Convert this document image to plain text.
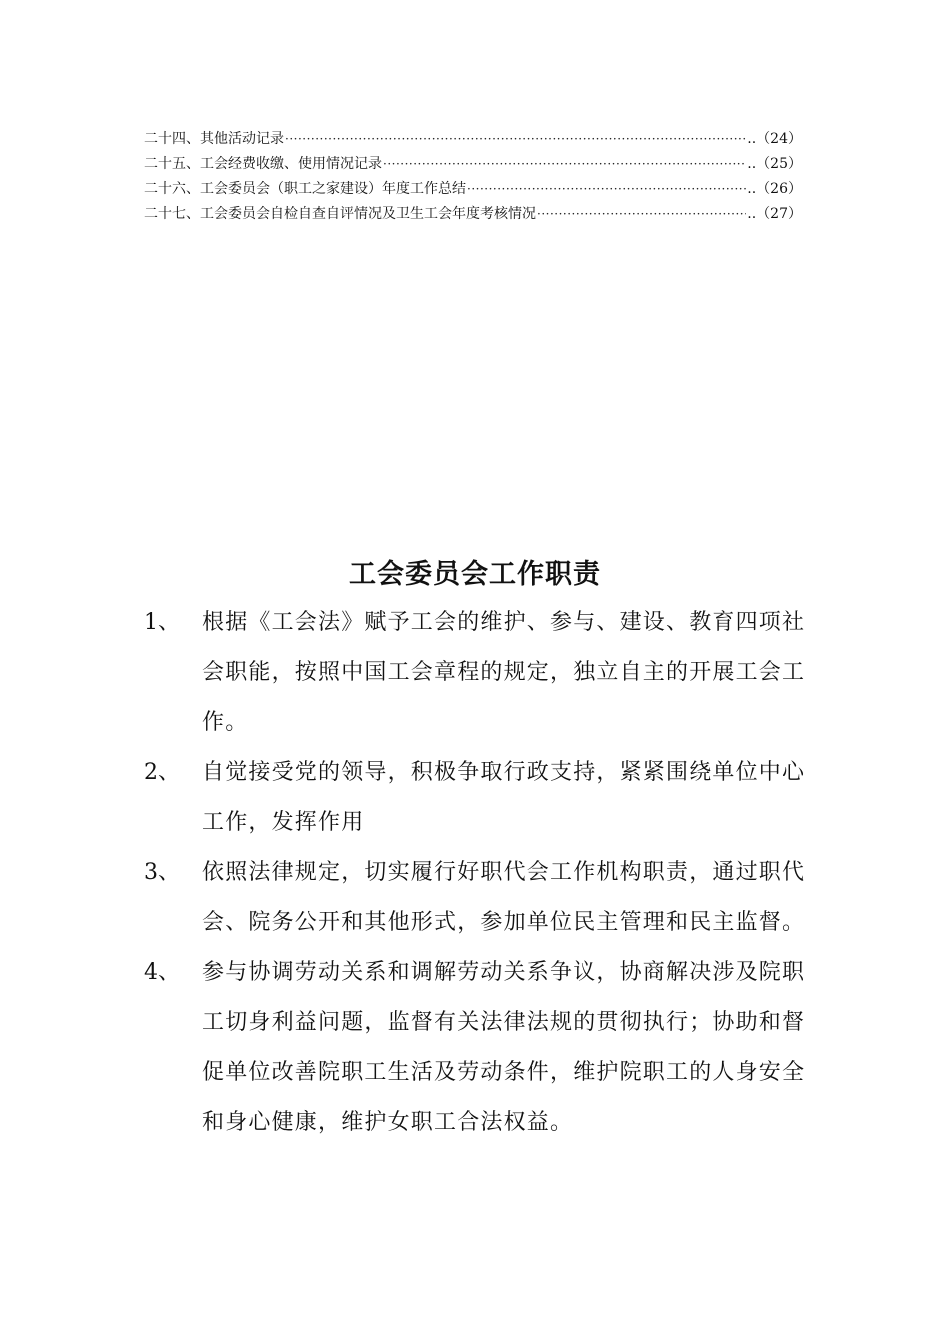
二十四、其他活动记录 ·····	..（24）
二十五、工会经费收缴、使用情况记录 ·····	..（25）
二十六、工会委员会（职工之家建设）年度工作总结 ·····	..（26）
二十七、工会委员会自检自查自评情况及卫生工会年度考核情况 ·····	..（27）
工会委员会工作职责
1、	根据《工会法》赋予工会的维护、参与、建设、教育四项社会职能，按照中国工会章程的规定，独立自主的开展工会工作。
2、	自觉接受党的领导，积极争取行政支持，紧紧围绕单位中心工作，发挥作用
3、	依照法律规定，切实履行好职代会工作机构职责，通过职代会、院务公开和其他形式，参加单位民主管理和民主监督。
4、	参与协调劳动关系和调解劳动关系争议，协商解决涉及院职工切身利益问题，监督有关法律法规的贯彻执行；协助和督促单位改善院职工生活及劳动条件，维护院职工的人身安全和身心健康，维护女职工合法权益。
